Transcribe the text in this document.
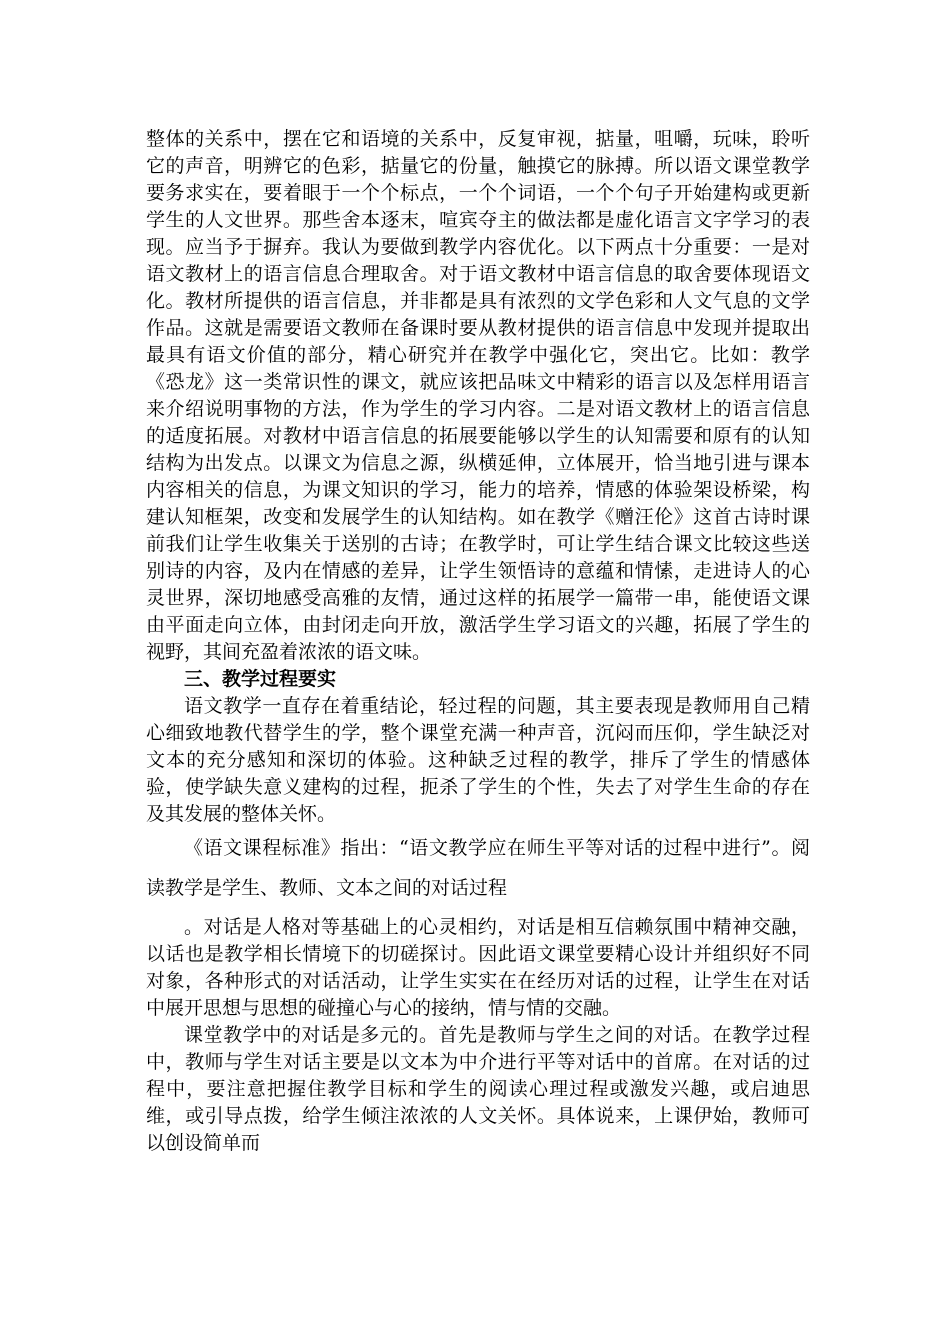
整体的关系中，摆在它和语境的关系中，反复审视，掂量，咀嚼，玩味，聆听它的声音，明辨它的色彩，掂量它的份量，触摸它的脉搏。所以语文课堂教学要务求实在，要着眼于一个个标点，一个个词语，一个个句子开始建构或更新学生的人文世界。那些舍本逐末，喧宾夺主的做法都是虚化语言文字学习的表现。应当予于摒弃。我认为要做到教学内容优化。以下两点十分重要：一是对语文教材上的语言信息合理取舍。对于语文教材中语言信息的取舍要体现语文化。教材所提供的语言信息，并非都是具有浓烈的文学色彩和人文气息的文学作品。这就是需要语文教师在备课时要从教材提供的语言信息中发现并提取出最具有语文价值的部分，精心研究并在教学中强化它，突出它。比如：教学《恐龙》这一类常识性的课文，就应该把品味文中精彩的语言以及怎样用语言来介绍说明事物的方法，作为学生的学习内容。二是对语文教材上的语言信息的适度拓展。对教材中语言信息的拓展要能够以学生的认知需要和原有的认知结构为出发点。以课文为信息之源，纵横延伸，立体展开，恰当地引进与课本内容相关的信息，为课文知识的学习，能力的培养，情感的体验架设桥梁，构建认知框架，改变和发展学生的认知结构。如在教学《赠汪伦》这首古诗时课前我们让学生收集关于送别的古诗；在教学时，可让学生结合课文比较这些送别诗的内容，及内在情感的差异，让学生领悟诗的意蕴和情愫，走进诗人的心灵世界，深切地感受高雅的友情，通过这样的拓展学一篇带一串，能使语文课由平面走向立体，由封闭走向开放，激活学生学习语文的兴趣，拓展了学生的视野，其间充盈着浓浓的语文味。

三、教学过程要实

语文教学一直存在着重结论，轻过程的问题，其主要表现是教师用自己精心细致地教代替学生的学，整个课堂充满一种声音，沉闷而压仰，学生缺泛对文本的充分感知和深切的体验。这种缺乏过程的教学，排斥了学生的情感体验，使学缺失意义建构的过程，扼杀了学生的个性，失去了对学生生命的存在及其发展的整体关怀。

《语文课程标准》指出：“语文教学应在师生平等对话的过程中进行”。阅读教学是学生、教师、文本之间的对话过程

。对话是人格对等基础上的心灵相约，对话是相互信赖氛围中精神交融，以话也是教学相长情境下的切磋探讨。因此语文课堂要精心设计并组织好不同对象，各种形式的对话活动，让学生实实在在经历对话的过程，让学生在对话中展开思想与思想的碰撞心与心的接纳，情与情的交融。

课堂教学中的对话是多元的。首先是教师与学生之间的对话。在教学过程中，教师与学生对话主要是以文本为中介进行平等对话中的首席。在对话的过程中，要注意把握住教学目标和学生的阅读心理过程或激发兴趣，或启迪思维，或引导点拨，给学生倾注浓浓的人文关怀。具体说来，上课伊始，教师可以创设简单而
